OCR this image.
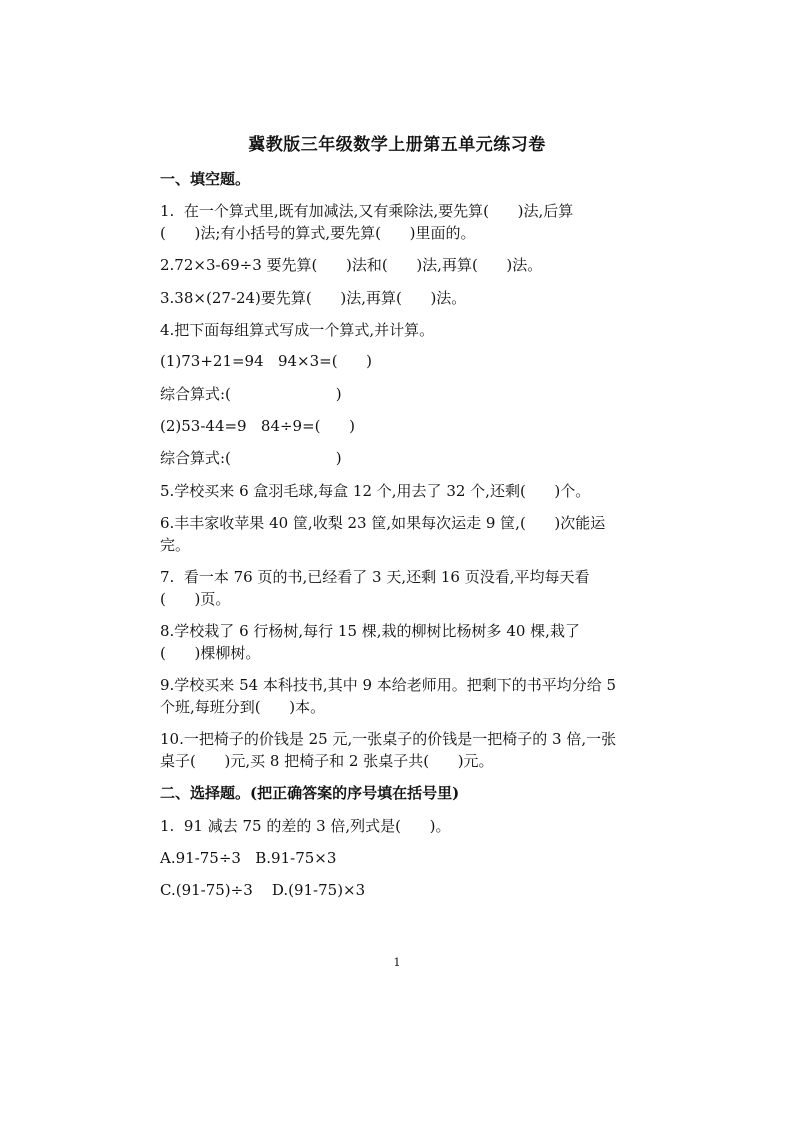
冀教版三年级数学上册第五单元练习卷
一、填空题。
1.  在一个算式里,既有加减法,又有乘除法,要先算(      )法,后算
(      )法;有小括号的算式,要先算(      )里面的。
2.72×3-69÷3 要先算(      )法和(      )法,再算(      )法。
3.38×(27-24)要先算(      )法,再算(      )法。
4.把下面每组算式写成一个算式,并计算。
(1)73+21=94   94×3=(      )
综合算式:(                      )
(2)53-44=9   84÷9=(      )
综合算式:(                      )
5.学校买来 6 盒羽毛球,每盒 12 个,用去了 32 个,还剩(      )个。
6.丰丰家收苹果 40 筐,收梨 23 筐,如果每次运走 9 筐,(      )次能运
完。
7.  看一本 76 页的书,已经看了 3 天,还剩 16 页没看,平均每天看
(      )页。
8.学校栽了 6 行杨树,每行 15 棵,栽的柳树比杨树多 40 棵,栽了
(      )棵柳树。
9.学校买来 54 本科技书,其中 9 本给老师用。把剩下的书平均分给 5
个班,每班分到(      )本。
10.一把椅子的价钱是 25 元,一张桌子的价钱是一把椅子的 3 倍,一张
桌子(      )元,买 8 把椅子和 2 张桌子共(      )元。
二、选择题。(把正确答案的序号填在括号里)
1.  91 减去 75 的差的 3 倍,列式是(      )。
A.91-75÷3   B.91-75×3
C.(91-75)÷3    D.(91-75)×3
1
